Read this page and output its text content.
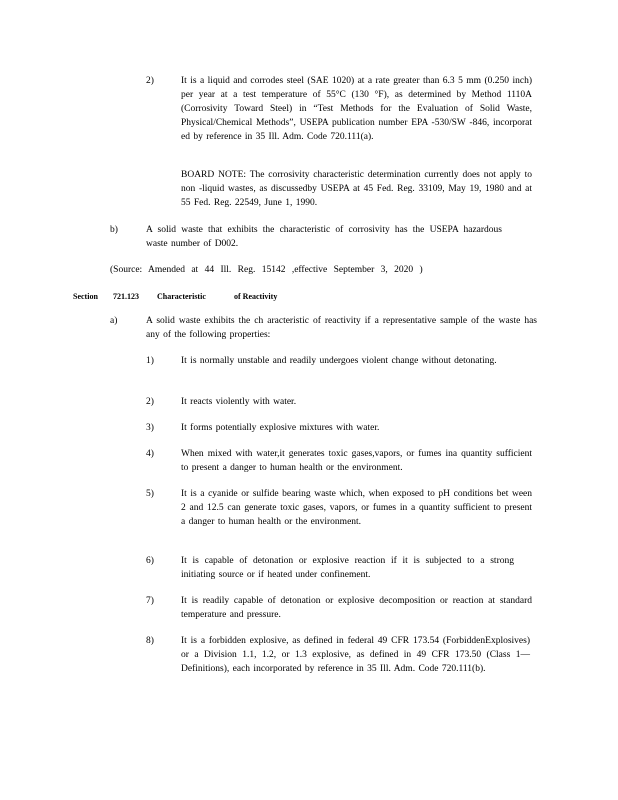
2)	It is a liquid and corrodes steel (SAE 1020) at a rate greater than 6.3 5 mm (0.250 inch) per year at a test temperature of 55°C (130 °F), as determined by Method 1110A (Corrosivity Toward Steel) in “Test Methods for the Evaluation of Solid Waste, Physical/Chemical Methods”, USEPA publication number EPA -530/SW -846, incorporat ed by reference in 35 Ill. Adm. Code 720.111(a).
BOARD NOTE: The corrosivity characteristic determination currently does not apply to non -liquid wastes, as discussedby USEPA at 45 Fed. Reg. 33109, May 19, 1980 and at 55 Fed. Reg. 22549, June 1, 1990.
b)	A solid waste that exhibits the characteristic of corrosivity has the USEPA hazardous waste number of D002.
(Source: Amended at 44 Ill. Reg. 15142 ,effective September 3, 2020 )
Section 721.123 Characteristic	of Reactivity
a)	A solid waste exhibits the ch aracteristic of reactivity if a representative sample of the waste has any of the following properties:
1)	It is normally unstable and readily undergoes violent change without detonating.
2)	It reacts violently with water.
3)	It forms potentially explosive mixtures with water.
4)	When mixed with water,it generates toxic gases,vapors, or fumes ina quantity sufficient to present a danger to human health or the environment.
5)	It is a cyanide or sulfide bearing waste which, when exposed to pH conditions bet ween 2 and 12.5 can generate toxic gases, vapors, or fumes in a quantity sufficient to present a danger to human health or the environment.
6)	It is capable of detonation or explosive reaction if it is subjected to a strong initiating source or if heated under confinement.
7)	It is readily capable of detonation or explosive decomposition or reaction at standard temperature and pressure.
8)	It is a forbidden explosive, as defined in federal 49 CFR 173.54 (ForbiddenExplosives) or a Division 1.1, 1.2, or 1.3 explosive, as defined in 49 CFR 173.50 (Class 1— Definitions), each incorporated by reference in 35 Ill. Adm. Code 720.111(b).
